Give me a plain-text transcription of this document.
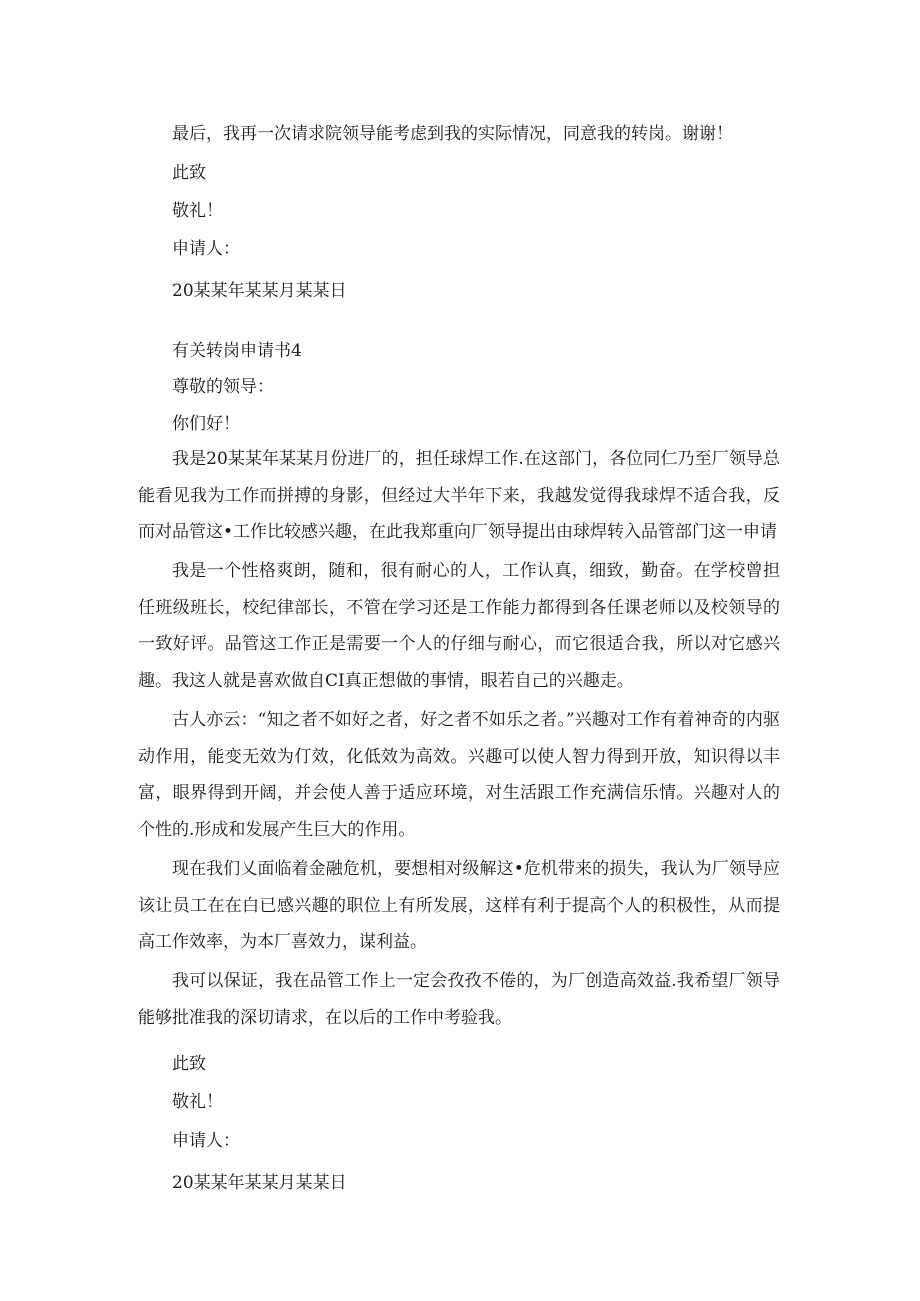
最后，我再一次请求院领导能考虑到我的实际情况，同意我的转岗。谢谢！

此致

敬礼！

申请人：

20某某年某某月某某日

有关转岗申请书4

尊敬的领导：

你们好！

我是20某某年某某月份进厂的，担任球焊工作.在这部门，各位同仁乃至厂领导总能看见我为工作而拼搏的身影，但经过大半年下来，我越发觉得我球焊不适合我，反而对品管这•工作比较感兴趣，在此我郑重向厂领导提出由球焊转入品管部门这一申请

我是一个性格爽朗，随和，很有耐心的人，工作认真，细致，勤奋。在学校曾担任班级班长，校纪律部长，不管在学习还是工作能力都得到各任课老师以及校领导的一致好评。品管这工作正是需要一个人的仔细与耐心，而它很适合我，所以对它感兴趣。我这人就是喜欢做自CI真正想做的事情，眼若自己的兴趣走。

古人亦云：“知之者不如好之者，好之者不如乐之者。”兴趣对工作有着神奇的内驱动作用，能变无效为仃效，化低效为高效。兴趣可以使人智力得到开放，知识得以丰富，眼界得到开阔，并会使人善于适应环境，对生活跟工作充满信乐情。兴趣对人的个性的.形成和发展产生巨大的作用。

现在我们乂面临着金融危机，要想相对级解这•危机带来的损失，我认为厂领导应该让员工在在白已感兴趣的职位上有所发展，这样有利于提高个人的积极性，从而提高工作效率，为本厂喜效力，谋利益。

我可以保证，我在品管工作上一定会孜孜不倦的，为厂创造高效益.我希望厂领导能够批准我的深切请求，在以后的工作中考验我。

此致

敬礼！

申请人：

20某某年某某月某某日
